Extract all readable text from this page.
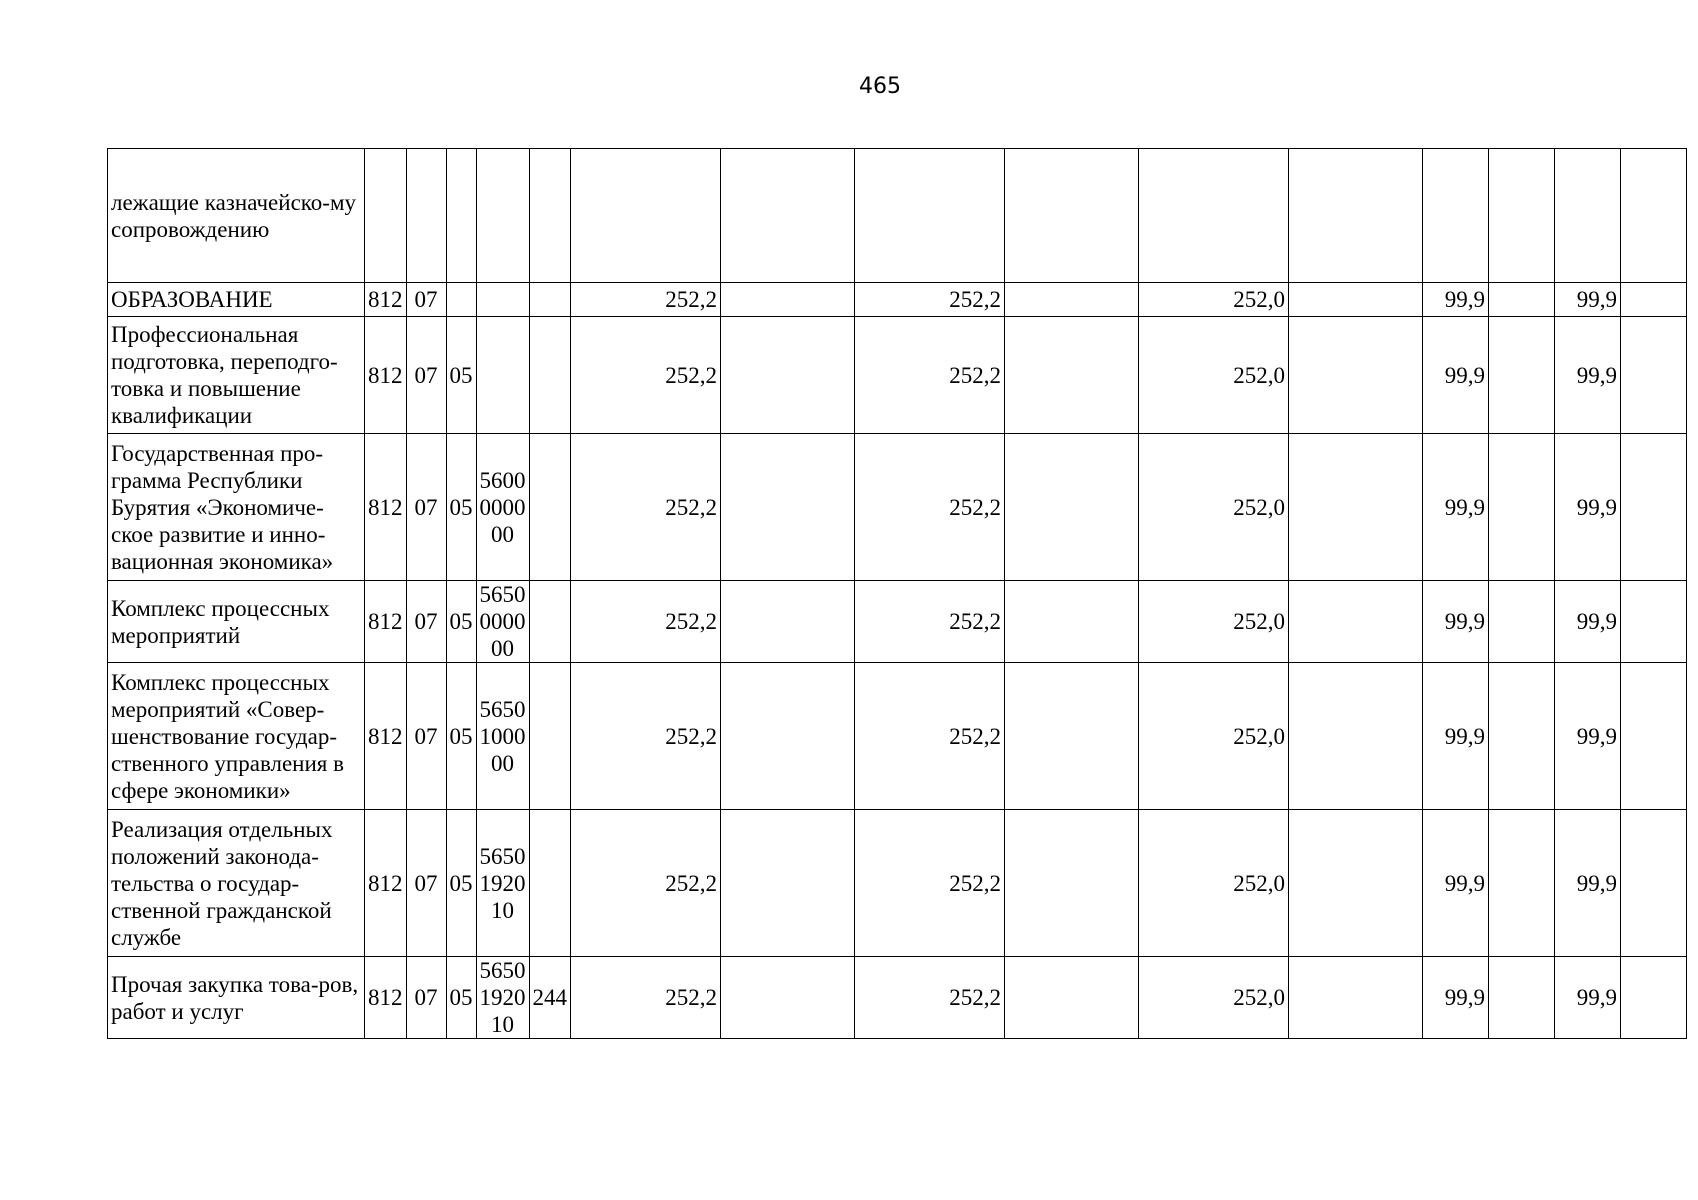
465
лежащие казначейско-му сопровождению															
ОБРАЗОВАНИЕ	812	07				252,2		252,2		252,0		99,9		99,9	
Профессиональная подготовка, переподго-товка и повышение квалификации	812	07	05			252,2		252,2		252,0		99,9		99,9	
Государственная про-грамма Республики Бурятия «Экономиче-ское развитие и инно-вационная экономика»	812	07	05	5600 0000 00		252,2		252,2		252,0		99,9		99,9	
Комплекс процессных мероприятий	812	07	05	5650 0000 00		252,2		252,2		252,0		99,9		99,9	
Комплекс процессных мероприятий «Совер-шенствование государ-ственного управления в сфере экономики»	812	07	05	5650 1000 00		252,2		252,2		252,0		99,9		99,9	
Реализация отдельных положений законода-тельства о государ-ственной гражданской службе	812	07	05	5650 1920 10		252,2		252,2		252,0		99,9		99,9	
Прочая закупка това-ров, работ и услуг	812	07	05	5650 1920 10	244	252,2		252,2		252,0		99,9		99,9	
